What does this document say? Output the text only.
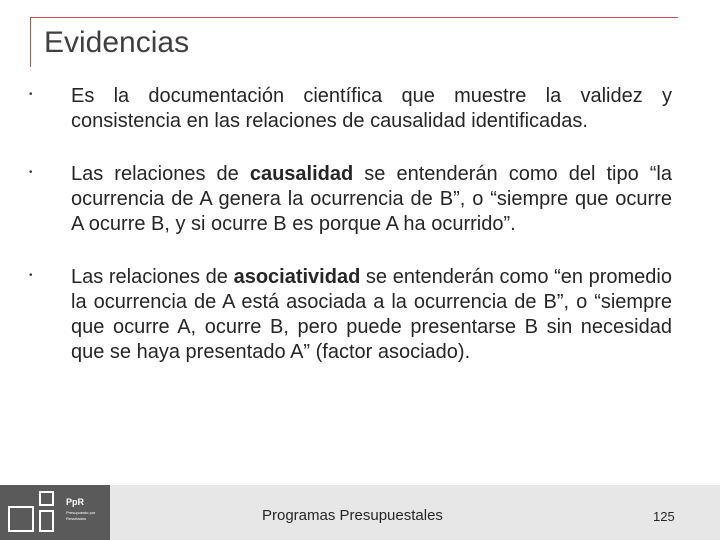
Evidencias
•	Es la documentación científica que muestre la validez y consistencia en las relaciones de causalidad identificadas.
•	Las relaciones de causalidad se entenderán como del tipo “la ocurrencia de A genera la ocurrencia de B”, o “siempre que ocurre A ocurre B, y si ocurre B es porque A ha ocurrido”.
•	Las relaciones de asociatividad se entenderán como “en promedio la ocurrencia de A está asociada a la ocurrencia de B”, o “siempre que ocurre A, ocurre B, pero puede presentarse B sin necesidad que se haya presentado A” (factor asociado).
PpR
Presupuesto por Resultados	Programas Presupuestales	125
